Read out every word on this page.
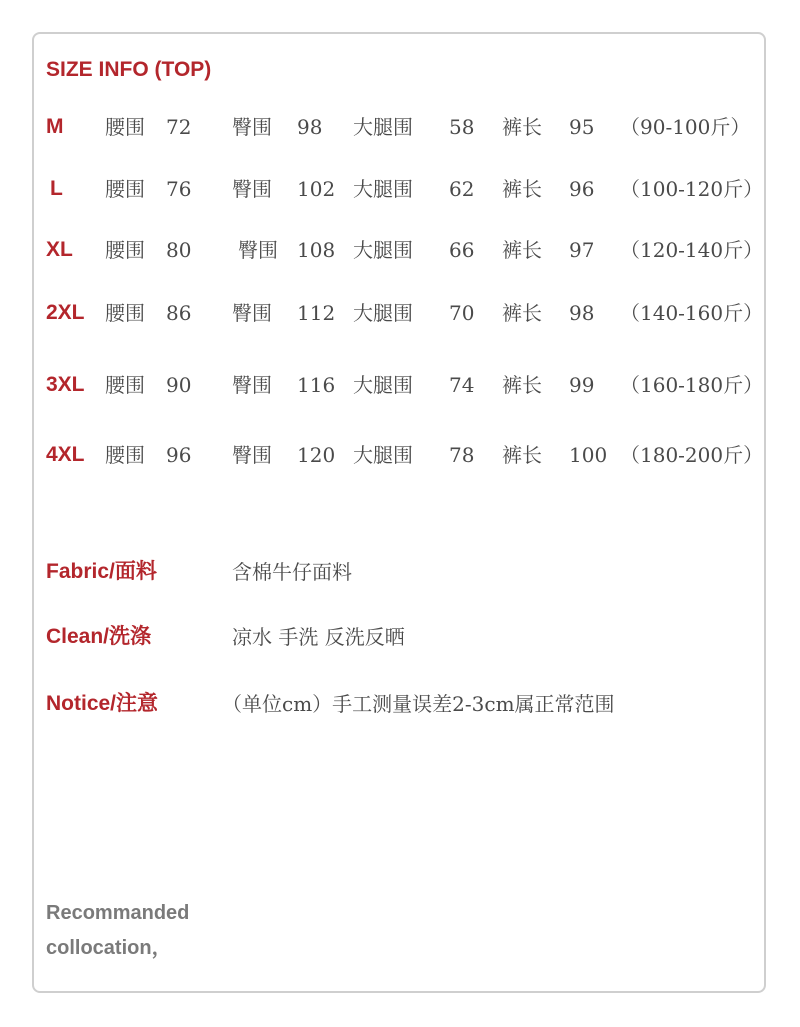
SIZE INFO (TOP)
M 腰围 72 臀围 98 大腿围 58 裤长 95 （90-100斤）
L 腰围 76 臀围 102 大腿围 62 裤长 96 （100-120斤）
XL 腰围 80 臀围 108 大腿围 66 裤长 97 （120-140斤）
2XL 腰围 86 臀围 112 大腿围 70 裤长 98 （140-160斤）
3XL 腰围 90 臀围 116 大腿围 74 裤长 99 （160-180斤）
4XL 腰围 96 臀围 120 大腿围 78 裤长 100 （180-200斤）
Fabric/面料	含棉牛仔面料
Clean/洗涤	凉水 手洗 反洗反晒
Notice/注意	（单位cm）手工测量误差2-3cm属正常范围
Recommanded
collocation，
